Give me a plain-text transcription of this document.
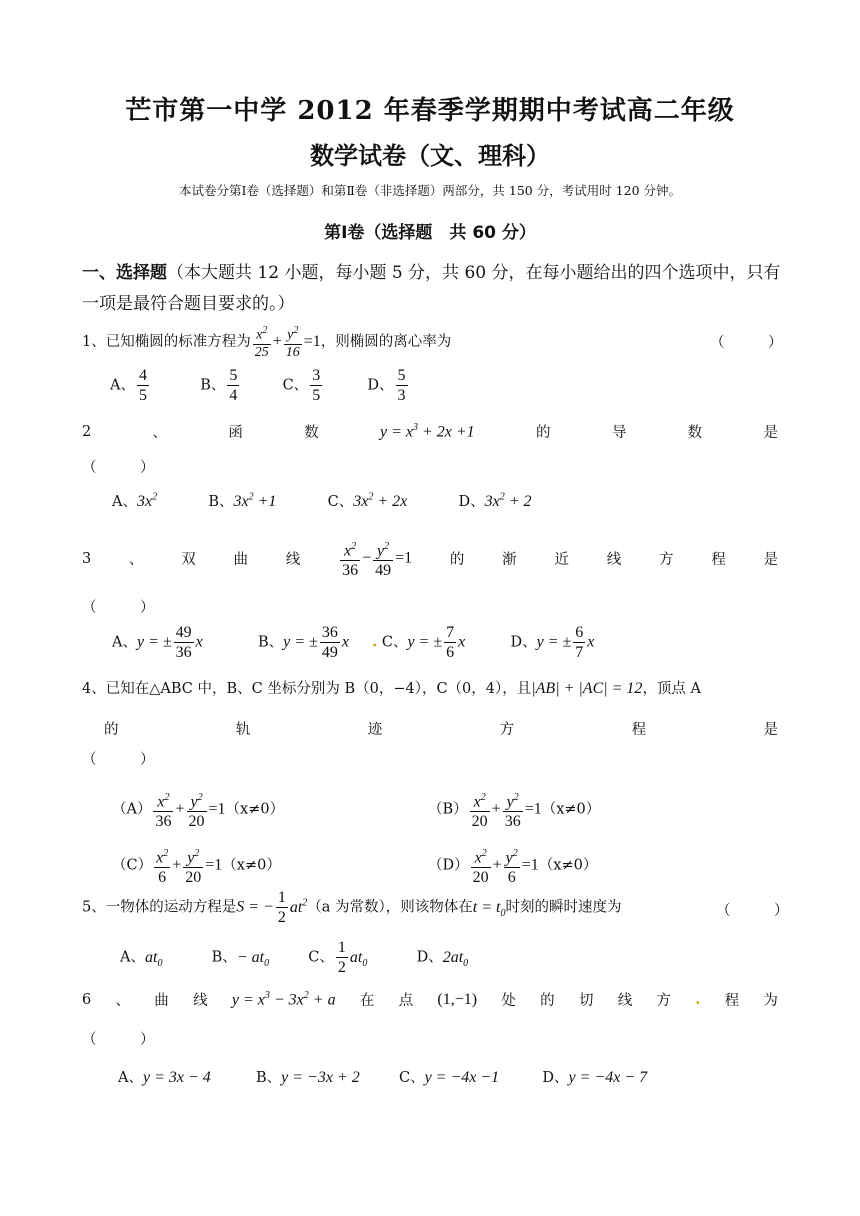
芒市第一中学 2012 年春季学期期中考试高二年级
数学试卷（文、理科）
本试卷分第Ⅰ卷（选择题）和第Ⅱ卷（非选择题）两部分，共 150 分，考试用时 120 分钟。
第Ⅰ卷（选择题　共 60 分）
一、选择题（本大题共 12 小题，每小题 5 分，共 60 分，在每小题给出的四个选项中，只有一项是最符合题目要求的。）
1、已知椭圆的标准方程为 $\frac{x^2}{25} + \frac{y^2}{16} =1$，则椭圆的离心率为	（　　　）
A、 $\frac{4}{5}$	B、 $\frac{5}{4}$	C、 $\frac{3}{5}$	D、 $\frac{5}{3}$
2	、	函	数	$y = x^3 + 2x +1$	的	导	数	是
（　　　）
A、$3x^2$	B、$3x^2 +1$	C、$3x^2 + 2x$	D、$3x^2 + 2$
3	、	双	曲	线 $\frac{x^2}{36} - \frac{y^2}{49} =1$	的	渐	近	线	方	程	是
（　　　）
A、y = ± $\frac{49}{36}$ x	B、y = ± $\frac{36}{49}$ x . C、y = ± $\frac{7}{6}$ x	D、y = ± $\frac{6}{7}$ x
4、已知在△ABC 中，B、C 坐标分别为 B（0，−4），C（0，4），且|AB| + |AC| = 12，顶点 A
的	轨	迹	方	程	是
（　　　）
$(A) \frac{x^2}{36} + \frac{y^2}{20} =1(x\ne 0)$	$(B) \frac{x^2}{20} + \frac{y^2}{36} =1(x\ne 0)$
$(C) \frac{x^2}{6} + \frac{y^2}{20} =1(x\ne 0)$	$(D) \frac{x^2}{20} + \frac{y^2}{6} =1(x\ne 0)$
5、一物体的运动方程是S = − $\frac{1}{2} at^2(a$ 为常数），则该物体在$t = t_0$时刻的瞬时速度为	（　　　）
A、$at_0$	B、− $at_0$	C、 $\frac{1}{2} at_0$	D、$2at_0$
6 、 曲 线 $y = x^3 - 3x^2 + a$ 在 点 (1,−1) 处 的 切 线 方 . 程 为
（　　　）
A、y = 3x − 4	B、y = −3x + 2	C、y = −4x −1	D、y = −4x − 7
